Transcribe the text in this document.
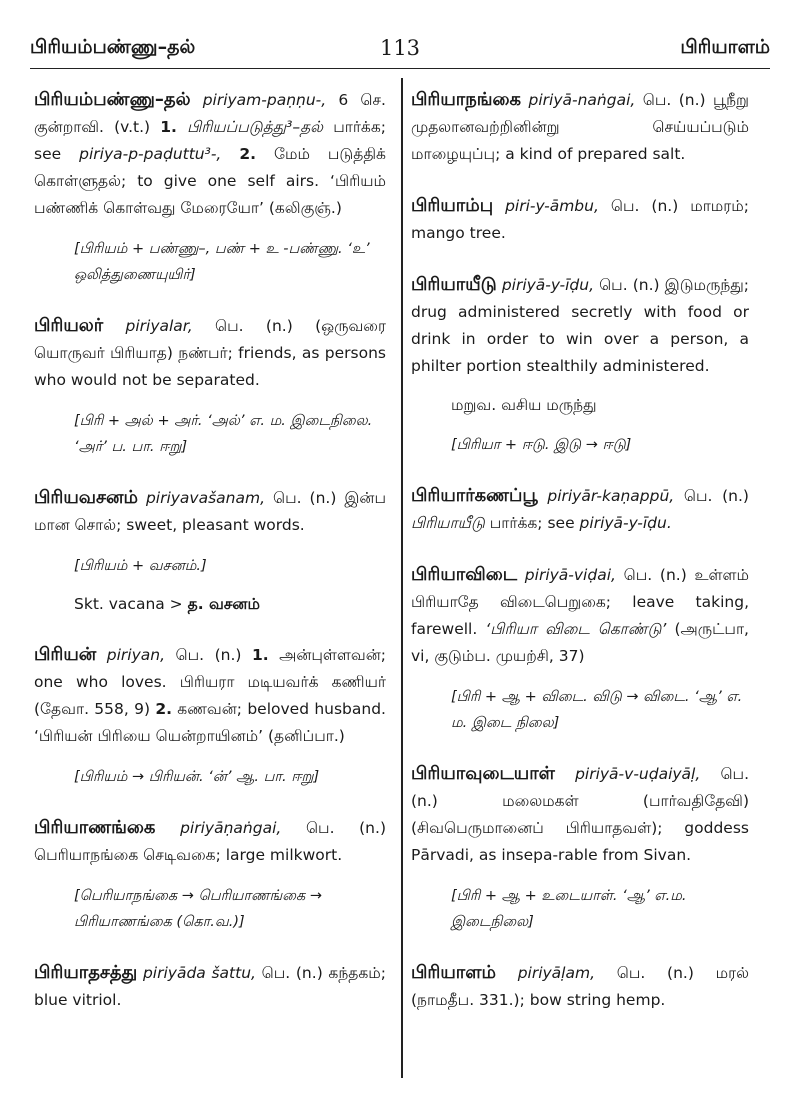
பிரியம்பண்ணு–தல்	113	பிரியாளம்
பிரியம்பண்ணு–தல் piriyam-paṇṇu-, 6 செ. குன்றாவி. (v.t.) 1. பிரியப்படுத்து³–தல் பார்க்க; see piriya-p-paḍuttu³-, 2. மேம் படுத்திக் கொள்ளுதல்; to give one self airs. ‘பிரியம் பண்ணிக் கொள்வது மேரையோ’ (கலிகுஞ்.)
[பிரியம் + பண்ணு–, பண் + உ -பண்ணு. ‘உ’ ஒலித்துணையுயிர்]
பிரியலர் piriyalar, பெ. (n.) (ஒருவரை யொருவர் பிரியாத) நண்பர்; friends, as persons who would not be separated.
[பிரி + அல் + அர். ‘அல்’ எ. ம. இடைநிலை. ‘அர்’ ப. பா. ஈறு]
பிரியவசனம் piriyavašanam, பெ. (n.) இன்ப மான சொல்; sweet, pleasant words.
[பிரியம் + வசனம்.]
Skt. vacana > த. வசனம்
பிரியன் piriyan, பெ. (n.) 1. அன்புள்ளவன்; one who loves. பிரியரா மடியவர்க் கணியர் (தேவா. 558, 9) 2. கணவன்; beloved husband. ‘பிரியன் பிரியை யென்றாயினம்’ (தனிப்பா.)
[பிரியம் → பிரியன். ‘ன்’ ஆ. பா. ஈறு]
பிரியாணங்கை piriyāṇaṅgai, பெ. (n.) பெரியாநங்கை செடிவகை; large milkwort.
[பெரியாநங்கை → பெரியாணங்கை → பிரியாணங்கை (கொ.வ.)]
பிரியாதசத்து piriyāda šattu, பெ. (n.) கந்தகம்; blue vitriol.
பிரியாநங்கை piriyā-naṅgai, பெ. (n.) பூநீறு முதலானவற்றினின்று செய்யப்படும் மாழையுப்பு; a kind of prepared salt.
பிரியாம்பு piri-y-āmbu, பெ. (n.) மாமரம்; mango tree.
பிரியாயீடு piriyā-y-īḍu, பெ. (n.) இடுமருந்து; drug administered secretly with food or drink in order to win over a person, a philter portion stealthily administered.
மறுவ. வசிய மருந்து
[பிரியா + ஈடு. இடு → ஈடு]
பிரியார்கணப்பூ piriyār-kaṇappū, பெ. (n.) பிரியாயீடு பார்க்க; see piriyā-y-īḍu.
பிரியாவிடை piriyā-viḍai, பெ. (n.) உள்ளம் பிரியாதே விடைபெறுகை; leave taking, farewell. ‘பிரியா விடை கொண்டு’ (அருட்பா, vi, குடும்ப. முயற்சி, 37)
[பிரி + ஆ + விடை. விடு → விடை. ‘ஆ’ எ. ம. இடை நிலை]
பிரியாவுடையாள் piriyā-v-uḍaiyāḷ, பெ. (n.) மலைமகள் (பார்வதிதேவி) (சிவபெருமானைப் பிரியாதவள்); goddess Pārvadi, as insepa-rable from Sivan.
[பிரி + ஆ + உடையாள். ‘ஆ’ எ.ம. இடைநிலை]
பிரியாளம் piriyāḷam, பெ. (n.) மரல் (நாமதீப. 331.); bow string hemp.
